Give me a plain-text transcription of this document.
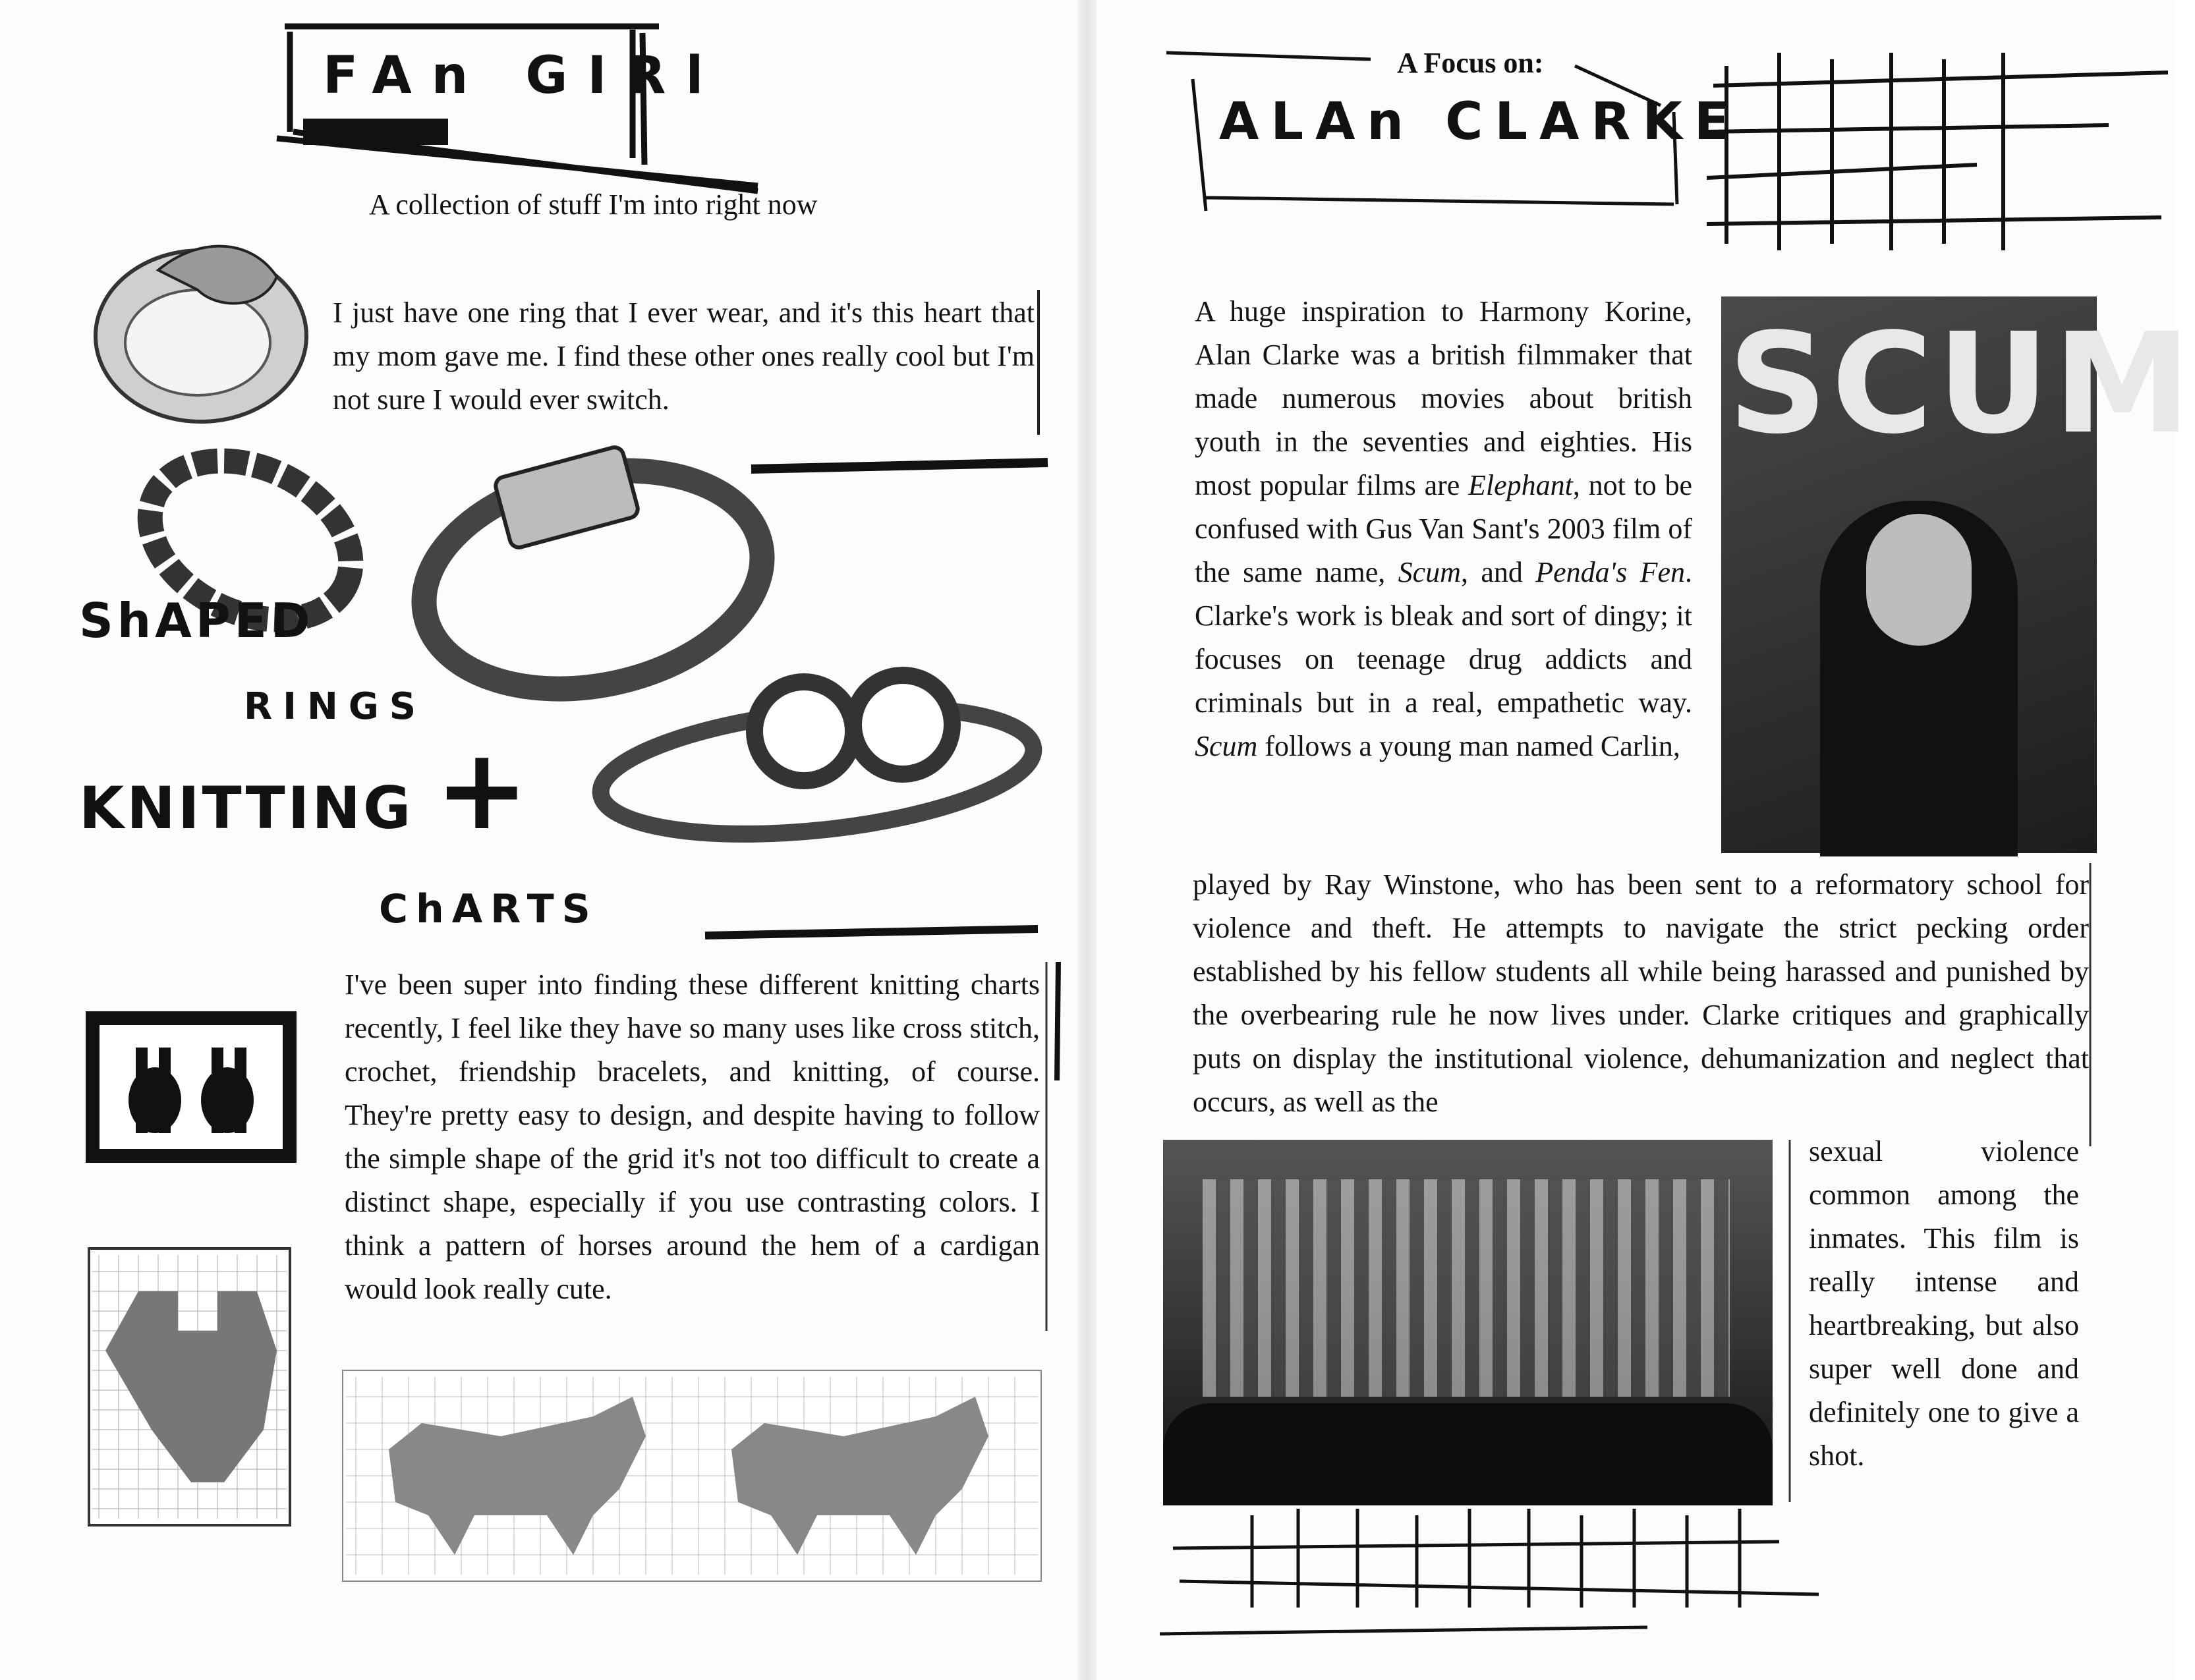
FAn GIRl
A collection of stuff I'm into right now
I just have one ring that I ever wear, and it's this heart that my mom gave me. I find these other ones really cool but I'm not sure I would ever switch.
ShAPED
RINGS
KNITTING
ChARTS
+
I've been super into finding these different knitting charts recently, I feel like they have so many uses like cross stitch, crochet, friendship bracelets, and knitting, of course. They're pretty easy to design, and despite having to follow the simple shape of the grid it's not too difficult to create a distinct shape, especially if you use contrasting colors. I think a pattern of horses around the hem of a cardigan would look really cute.
A Focus on:
ALAn CLARKE
SCUM

A huge inspiration to Harmony Korine, Alan Clarke was a british filmmaker that made numerous movies about british youth in the seventies and eighties. His most popular films are Elephant, not to be confused with Gus Van Sant's 2003 film of the same name, Scum, and Penda's Fen. Clarke's work is bleak and sort of dingy; it focuses on teenage drug addicts and criminals but in a real, empathetic way. Scum follows a young man named Carlin,

played by Ray Winstone, who has been sent to a reformatory school for violence and theft. He attempts to navigate the strict pecking order established by his fellow students all while being harassed and punished by the overbearing rule he now lives under. Clarke critiques and graphically puts on display the institutional violence, dehumanization and neglect that occurs, as well as the
sexual violence common among the inmates. This film is really intense and heartbreaking, but also super well done and definitely one to give a shot.
